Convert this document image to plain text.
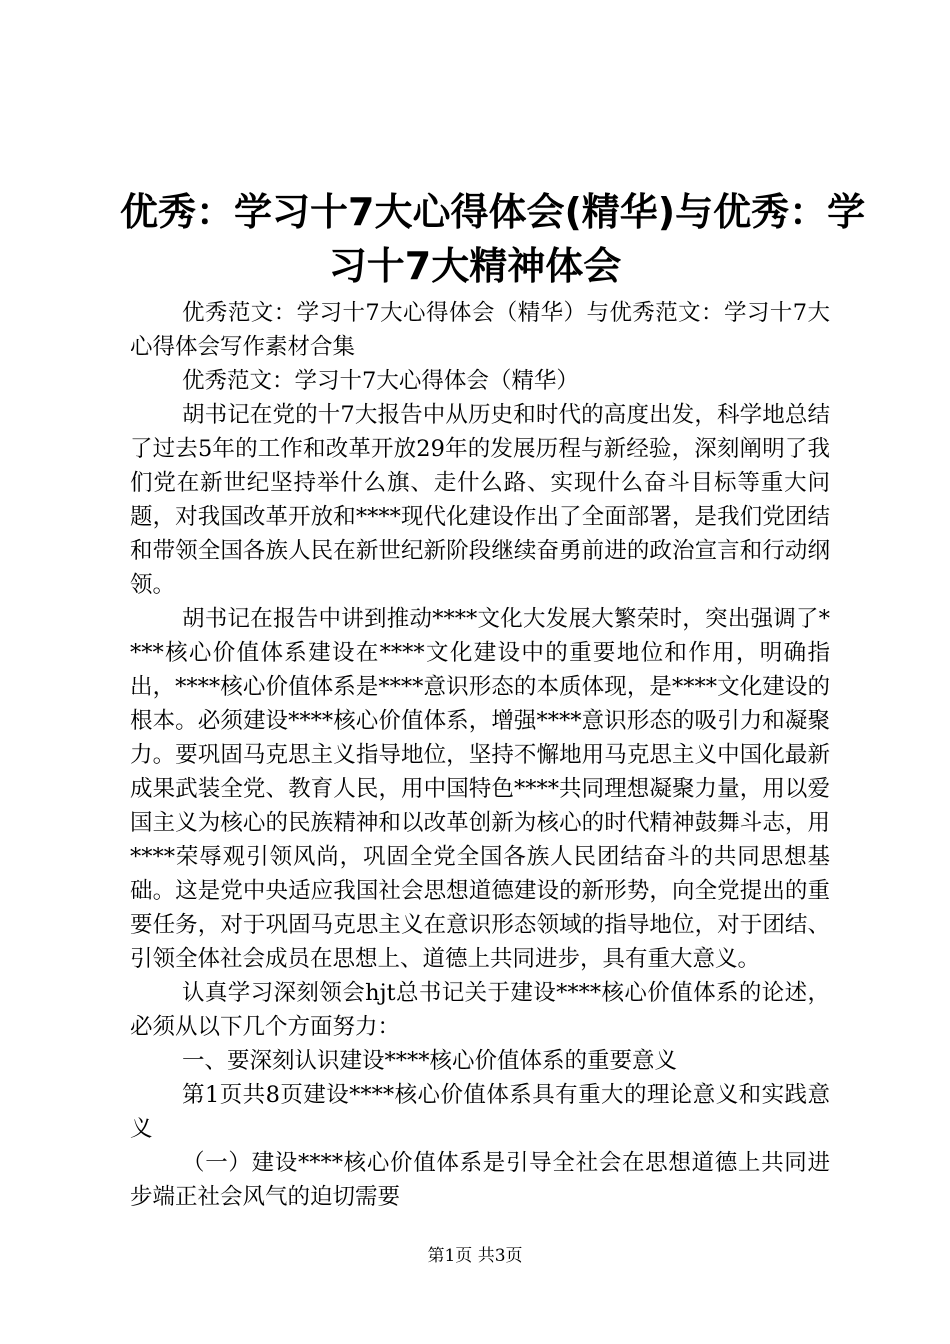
优秀：学习十7大心得体会(精华)与优秀：学
习十7大精神体会

优秀范文：学习十7大心得体会（精华）与优秀范文：学习十7大心得体会写作素材合集

优秀范文：学习十7大心得体会（精华）

胡书记在党的十7大报告中从历史和时代的高度出发，科学地总结了过去5年的工作和改革开放29年的发展历程与新经验，深刻阐明了我们党在新世纪坚持举什么旗、走什么路、实现什么奋斗目标等重大问题，对我国改革开放和****现代化建设作出了全面部署，是我们党团结和带领全国各族人民在新世纪新阶段继续奋勇前进的政治宣言和行动纲领。

胡书记在报告中讲到推动****文化大发展大繁荣时，突出强调了****核心价值体系建设在****文化建设中的重要地位和作用，明确指出，****核心价值体系是****意识形态的本质体现，是****文化建设的根本。必须建设****核心价值体系，增强****意识形态的吸引力和凝聚力。要巩固马克思主义指导地位，坚持不懈地用马克思主义中国化最新成果武装全党、教育人民，用中国特色****共同理想凝聚力量，用以爱国主义为核心的民族精神和以改革创新为核心的时代精神鼓舞斗志，用****荣辱观引领风尚，巩固全党全国各族人民团结奋斗的共同思想基础。这是党中央适应我国社会思想道德建设的新形势，向全党提出的重要任务，对于巩固马克思主义在意识形态领域的指导地位，对于团结、引领全体社会成员在思想上、道德上共同进步，具有重大意义。

认真学习深刻领会hjt总书记关于建设****核心价值体系的论述，必须从以下几个方面努力：

一、要深刻认识建设****核心价值体系的重要意义

第1页共8页建设****核心价值体系具有重大的理论意义和实践意义

（一）建设****核心价值体系是引导全社会在思想道德上共同进步端正社会风气的迫切需要

第1页 共3页
